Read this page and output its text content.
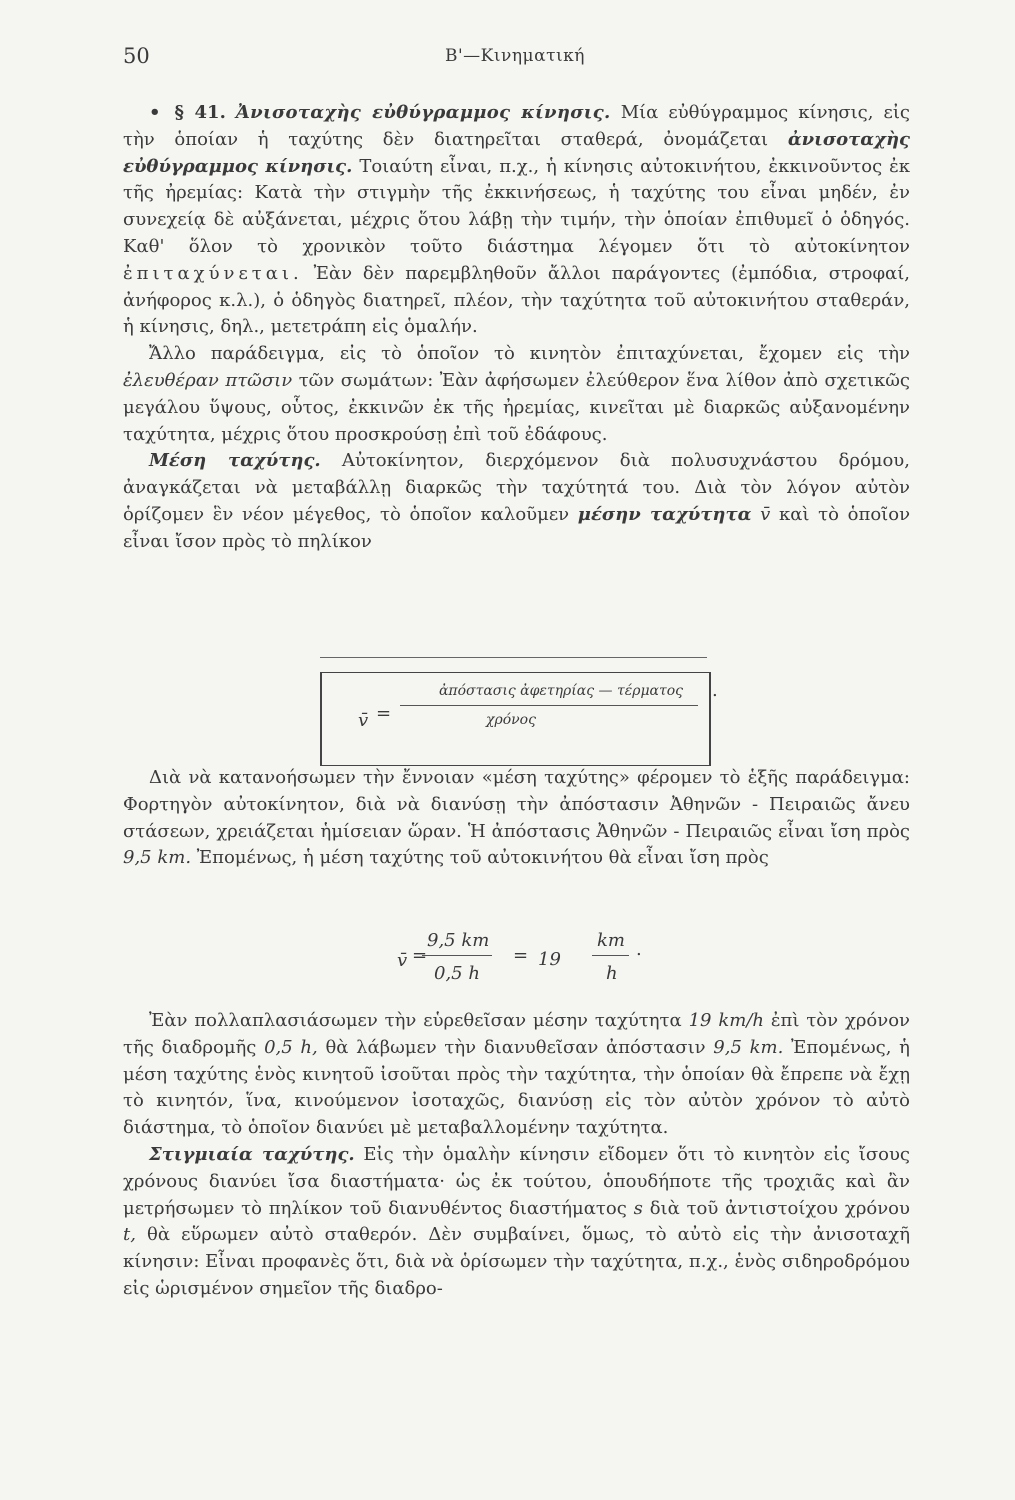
50	Β'—Κινηματική

• § 41. Ἀνισοταχὴς εὐθύγραμμος κίνησις. Μία εὐθύγραμμος κίνησις, εἰς τὴν ὁποίαν ἡ ταχύτης δὲν διατηρεῖται σταθερά, ὀνομάζεται ἀνισοταχὴς εὐθύγραμμος κίνησις. Τοιαύτη εἶναι, π.χ., ἡ κίνησις αὐτοκινήτου, ἐκκινοῦντος ἐκ τῆς ἠρεμίας: Κατὰ τὴν στιγμὴν τῆς ἐκκινήσεως, ἡ ταχύτης του εἶναι μηδέν, ἐν συνεχείᾳ δὲ αὐξάνεται, μέχρις ὅτου λάβῃ τὴν τιμήν, τὴν ὁποίαν ἐπιθυμεῖ ὁ ὁδηγός. Καθ' ὅλον τὸ χρονικὸν τοῦτο διάστημα λέγομεν ὅτι τὸ αὐτοκίνητον ἐπιταχύνεται. Ἐὰν δὲν παρεμβληθοῦν ἄλλοι παράγοντες (ἐμπόδια, στροφαί, ἀνήφορος κ.λ.), ὁ ὁδηγὸς διατηρεῖ, πλέον, τὴν ταχύτητα τοῦ αὐτοκινήτου σταθεράν, ἡ κίνησις, δηλ., μετετράπη εἰς ὁμαλήν.

Ἄλλο παράδειγμα, εἰς τὸ ὁποῖον τὸ κινητὸν ἐπιταχύνεται, ἔχομεν εἰς τὴν ἐλευθέραν πτῶσιν τῶν σωμάτων: Ἐὰν ἀφήσωμεν ἐλεύθερον ἕνα λίθον ἀπὸ σχετικῶς μεγάλου ὕψους, οὗτος, ἐκκινῶν ἐκ τῆς ἠρεμίας, κινεῖται μὲ διαρκῶς αὐξανομένην ταχύτητα, μέχρις ὅτου προσκρούσῃ ἐπὶ τοῦ ἐδάφους.

Μέση ταχύτης. Αὐτοκίνητον, διερχόμενον διὰ πολυσυχνάστου δρόμου, ἀναγκάζεται νὰ μεταβάλλῃ διαρκῶς τὴν ταχύτητά του. Διὰ τὸν λόγον αὐτὸν ὁρίζομεν ἓν νέον μέγεθος, τὸ ὁποῖον καλοῦμεν μέσην ταχύτητα v̄ καὶ τὸ ὁποῖον εἶναι ἴσον πρὸς τὸ πηλίκον

.
v̄ =
ἀπόστασις ἀφετηρίας — τέρματος
χρόνος

Διὰ νὰ κατανοήσωμεν τὴν ἔννοιαν «μέση ταχύτης» φέρομεν τὸ ἑξῆς παράδειγμα: Φορτηγὸν αὐτοκίνητον, διὰ νὰ διανύσῃ τὴν ἀπόστασιν Ἀθηνῶν - Πειραιῶς ἄνευ στάσεων, χρειάζεται ἡμίσειαν ὥραν. Ἡ ἀπόστασις Ἀθηνῶν - Πειραιῶς εἶναι ἴση πρὸς 9,5 km. Ἐπομένως, ἡ μέση ταχύτης τοῦ αὐτοκινήτου θὰ εἶναι ἴση πρὸς

v̄ =
9,5 km
0,5 h
= 19
km
h
.

Ἐὰν πολλαπλασιάσωμεν τὴν εὑρεθεῖσαν μέσην ταχύτητα 19 km/h ἐπὶ τὸν χρόνον τῆς διαδρομῆς 0,5 h, θὰ λάβωμεν τὴν διανυθεῖσαν ἀπόστασιν 9,5 km. Ἐπομένως, ἡ μέση ταχύτης ἑνὸς κινητοῦ ἰσοῦται πρὸς τὴν ταχύτητα, τὴν ὁποίαν θὰ ἔπρεπε νὰ ἔχῃ τὸ κινητόν, ἵνα, κινούμενον ἰσοταχῶς, διανύσῃ εἰς τὸν αὐτὸν χρόνον τὸ αὐτὸ διάστημα, τὸ ὁποῖον διανύει μὲ μεταβαλλομένην ταχύτητα.

Στιγμιαία ταχύτης. Εἰς τὴν ὁμαλὴν κίνησιν εἴδομεν ὅτι τὸ κινητὸν εἰς ἴσους χρόνους διανύει ἴσα διαστήματα· ὡς ἐκ τούτου, ὁπουδήποτε τῆς τροχιᾶς καὶ ἂν μετρήσωμεν τὸ πηλίκον τοῦ διανυθέντος διαστήματος s διὰ τοῦ ἀντιστοίχου χρόνου t, θὰ εὕρωμεν αὐτὸ σταθερόν. Δὲν συμβαίνει, ὅμως, τὸ αὐτὸ εἰς τὴν ἀνισοταχῆ κίνησιν: Εἶναι προφανὲς ὅτι, διὰ νὰ ὁρίσωμεν τὴν ταχύτητα, π.χ., ἑνὸς σιδηροδρόμου εἰς ὡρισμένον σημεῖον τῆς διαδρο-
